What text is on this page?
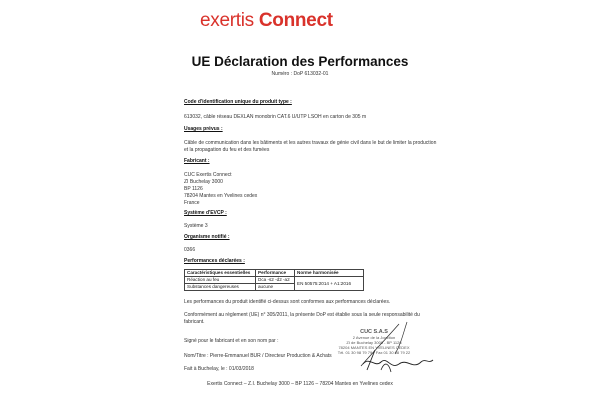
exertis Connect
UE Déclaration des Performances
Numéro : DoP 613032-01
Code d'identification unique du produit type :
613032, câble réseau DEXLAN monobrin CAT.6 U/UTP LSOH en carton de 305 m
Usages prévus :
Câble de communication dans les bâtiments et les autres travaux de génie civil dans le but de limiter la production
et la propagation du feu et des fumées
Fabricant :
CUC Exertis Connect
ZI Buchelay 3000
BP 1126
78204 Mantes en Yvelines cedex
France
Système d'EVCP :
Système 3
Organisme notifié :
0366
Performances déclarées :
Caractéristiques essentielles	Performance	Norme harmonisée
Réaction au feu	Dca -s2 -d2 -a2	EN 50575:2014 + A1:2016
Substances dangereuses	aucune	
Les performances du produit identifié ci-dessus sont conformes aux performances déclarées.
Conformément au règlement (UE) n° 305/2011, la présente DoP est établie sous la seule responsabilité du
fabricant.
Signé pour le fabricant et en son nom par :
Nom/Titre : Pierre-Emmanuel BUR / Directeur Production & Achats
Fait à Buchelay, le : 01/03/2018
CUC S.A.S
2 Avenue de la Jonction
ZI de Buchelay 3000 - BP 1126
78204 MANTES EN YVELINES CEDEX
Tél. 01 30 98 79 79 · Fax 01 30 98 79 22
Exertis Connect – Z.I. Buchelay 3000 – BP 1126 – 78204 Mantes en Yvelines cedex
